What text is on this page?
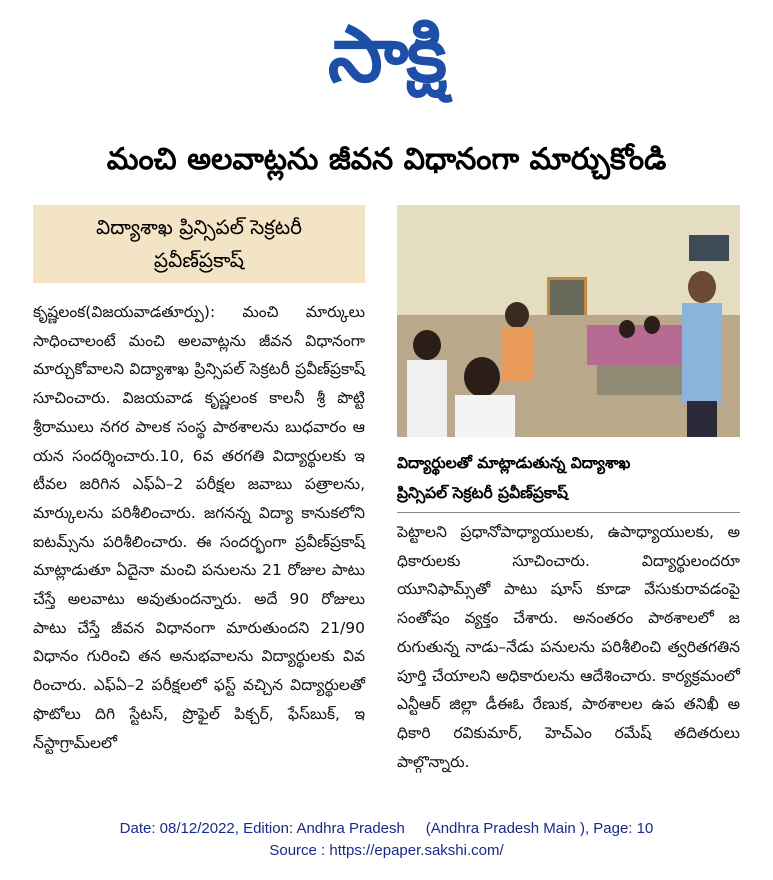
సాక్షి
మంచి అలవాట్లను జీవన విధానంగా మార్చుకోండి
విద్యాశాఖ ప్రిన్సిపల్ సెక్రటరీ
ప్రవీణ్‌ప్రకాష్

కృష్ణలంక(విజయవాడతూర్పు): మంచి మార్కులు సాధించాలంటే మంచి అలవాట్లను జీవన విధానంగా మార్చుకోవాలని విద్యాశాఖ ప్రిన్సిపల్ సెక్రటరీ ప్రవీణ్‌ప్రకాష్ సూచించారు. విజయవాడ కృష్ణలంక కాలనీ శ్రీ పొట్టి శ్రీరాములు నగర పాలక సంస్థ పాఠశాలను బుధవారం ఆయన సందర్శించారు.10, 6వ తరగతి విద్యార్థులకు ఇటీవల జరిగిన ఎఫ్ఏ–2 పరీక్షల జవాబు పత్రాలను, మార్కులను పరిశీలించారు. జగనన్న విద్యా కానుకలోని ఐటమ్స్‌ను పరిశీలించారు. ఈ సందర్భంగా ప్రవీణ్‌ప్రకాష్ మాట్లాడుతూ ఏదైనా మంచి పనులను 21 రోజుల పాటు చేస్తే అలవాటు అవుతుందన్నారు. అదే 90 రోజులు పాటు చేస్తే జీవన విధానంగా మారుతుందని 21/90 విధానం గురించి తన అనుభవాలను విద్యార్థులకు వివరించారు. ఎఫ్ఏ–2 పరీక్షలలో ఫస్ట్ వచ్చిన విద్యార్థులతో ఫొటోలు దిగి స్టేటస్, ప్రొఫైల్ పిక్చర్, ఫేస్‌బుక్, ఇన్‌స్టాగ్రామ్‌లలో

విద్యార్థులతో మాట్లాడుతున్న విద్యాశాఖ
ప్రిన్సిపల్ సెక్రటరీ ప్రవీణ్‌ప్రకాష్

పెట్టాలని ప్రధానోపాధ్యాయులకు, ఉపాధ్యాయులకు, అధికారులకు సూచించారు. విద్యార్థులందరూ యూనిఫామ్స్‌తో పాటు షూస్ కూడా వేసుకురావడంపై సంతోషం వ్యక్తం చేశారు. అనంతరం పాఠశాలలో జరుగుతున్న నాడు–నేడు పనులను పరిశీలించి త్వరితగతిన పూర్తి చేయాలని అధికారులను ఆదేశించారు. కార్యక్రమంలో ఎన్టీఆర్ జిల్లా డీఈఓ రేణుక, పాఠశాలల ఉప తనిఖీ అధికారి రవికుమార్, హెచ్‌ఎం రమేష్ తదితరులు పాల్గొన్నారు.

Date: 08/12/2022, Edition: Andhra Pradesh     (Andhra Pradesh Main ), Page: 10
Source : https://epaper.sakshi.com/
